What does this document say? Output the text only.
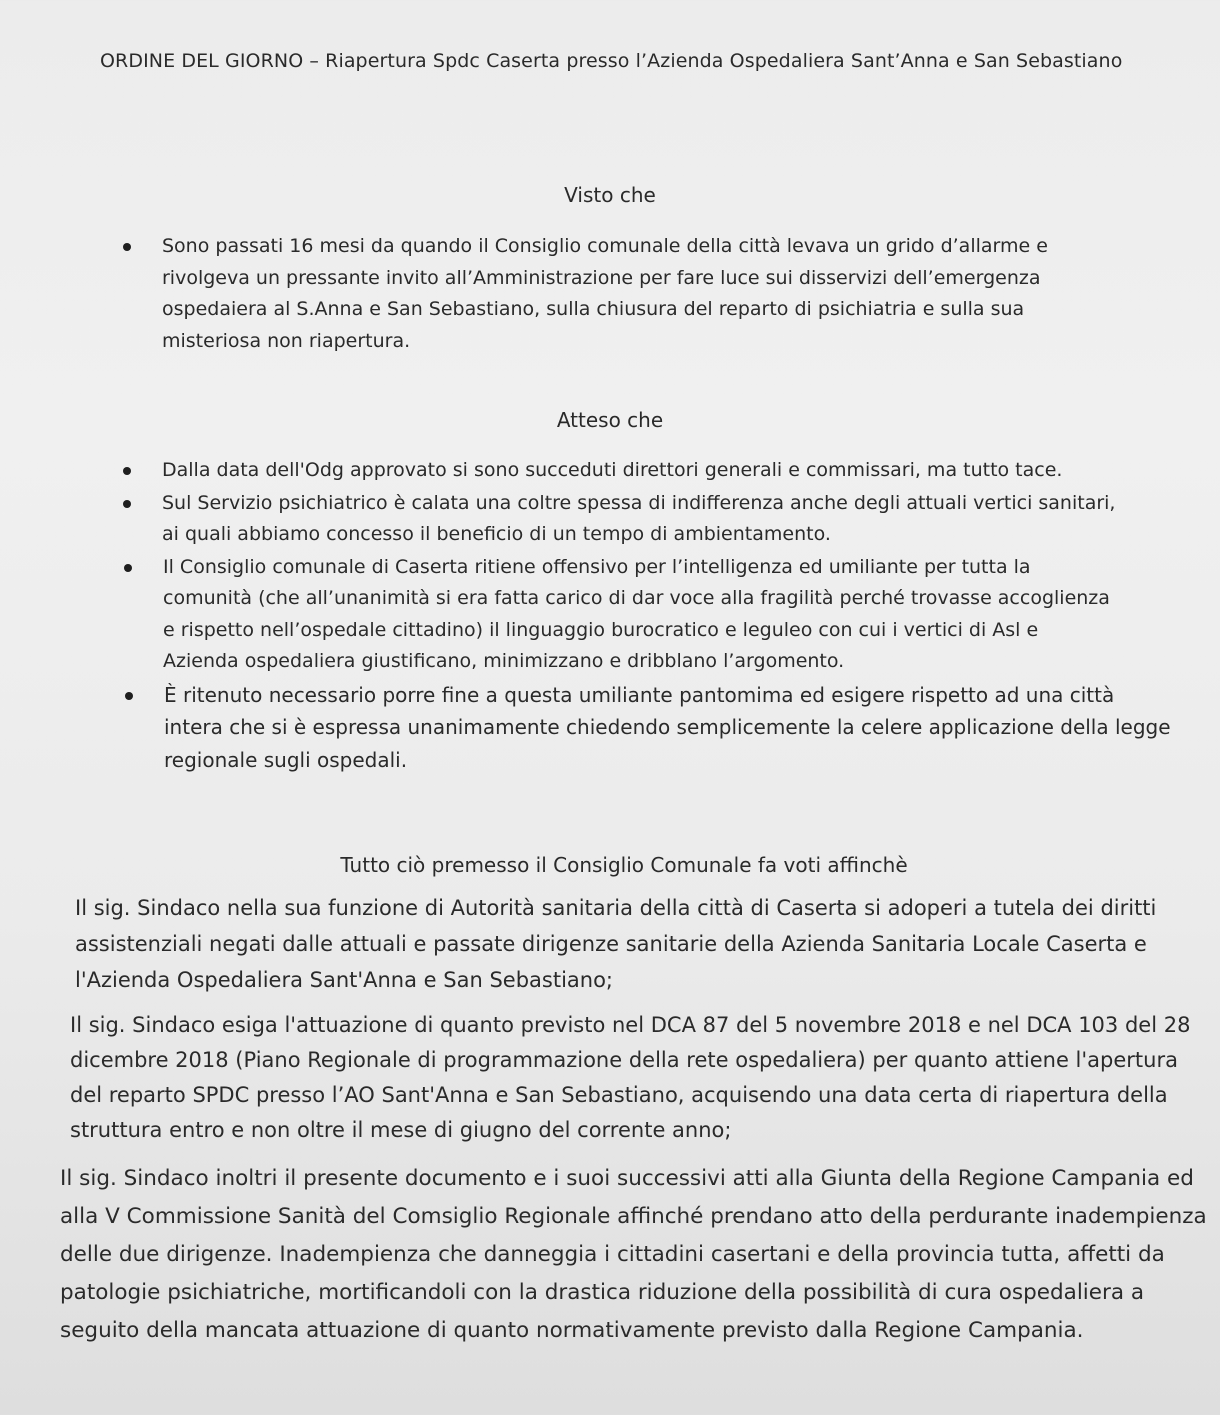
ORDINE DEL GIORNO – Riapertura Spdc Caserta presso l’Azienda Ospedaliera Sant’Anna e San Sebastiano
Visto che
Sono passati 16 mesi da quando il Consiglio comunale della città levava un grido d’allarme e
rivolgeva un pressante invito all’Amministrazione per fare luce sui disservizi dell’emergenza
ospedaiera al S.Anna e San Sebastiano, sulla chiusura del reparto di psichiatria e sulla sua
misteriosa non riapertura.
Atteso che
Dalla data dell'Odg approvato si sono succeduti direttori generali e commissari, ma tutto tace.
Sul Servizio psichiatrico è calata una coltre spessa di indifferenza anche degli attuali vertici sanitari,
ai quali abbiamo concesso il beneficio di un tempo di ambientamento.
Il Consiglio comunale di Caserta ritiene offensivo per l’intelligenza ed umiliante per tutta la
comunità (che all’unanimità si era fatta carico di dar voce alla fragilità perché trovasse accoglienza
e rispetto nell’ospedale cittadino) il linguaggio burocratico e leguleo con cui i vertici di Asl e
Azienda ospedaliera giustificano, minimizzano e dribblano l’argomento.
È ritenuto necessario porre fine a questa umiliante pantomima ed esigere rispetto ad una città
intera che si è espressa unanimamente chiedendo semplicemente la celere applicazione della legge
regionale sugli ospedali.
Tutto ciò premesso il Consiglio Comunale fa voti affinchè
Il sig. Sindaco nella sua funzione di Autorità sanitaria della città di Caserta si adoperi a tutela dei diritti
assistenziali negati dalle attuali e passate dirigenze sanitarie della Azienda Sanitaria Locale Caserta e
l'Azienda Ospedaliera Sant'Anna e San Sebastiano;
Il sig. Sindaco esiga l'attuazione di quanto previsto nel DCA 87 del 5 novembre 2018 e nel DCA 103 del 28
dicembre 2018 (Piano Regionale di programmazione della rete ospedaliera) per quanto attiene l'apertura
del reparto SPDC presso l’AO Sant'Anna e San Sebastiano, acquisendo una data certa di riapertura della
struttura entro e non oltre il mese di giugno del corrente anno;
Il sig. Sindaco inoltri il presente documento e i suoi successivi atti alla Giunta della Regione Campania ed
alla V Commissione Sanità del Comsiglio Regionale affinché prendano atto della perdurante inadempienza
delle due dirigenze. Inadempienza che danneggia i cittadini casertani e della provincia tutta, affetti da
patologie psichiatriche, mortificandoli con la drastica riduzione della possibilità di cura ospedaliera a
seguito della mancata attuazione di quanto normativamente previsto dalla Regione Campania.
